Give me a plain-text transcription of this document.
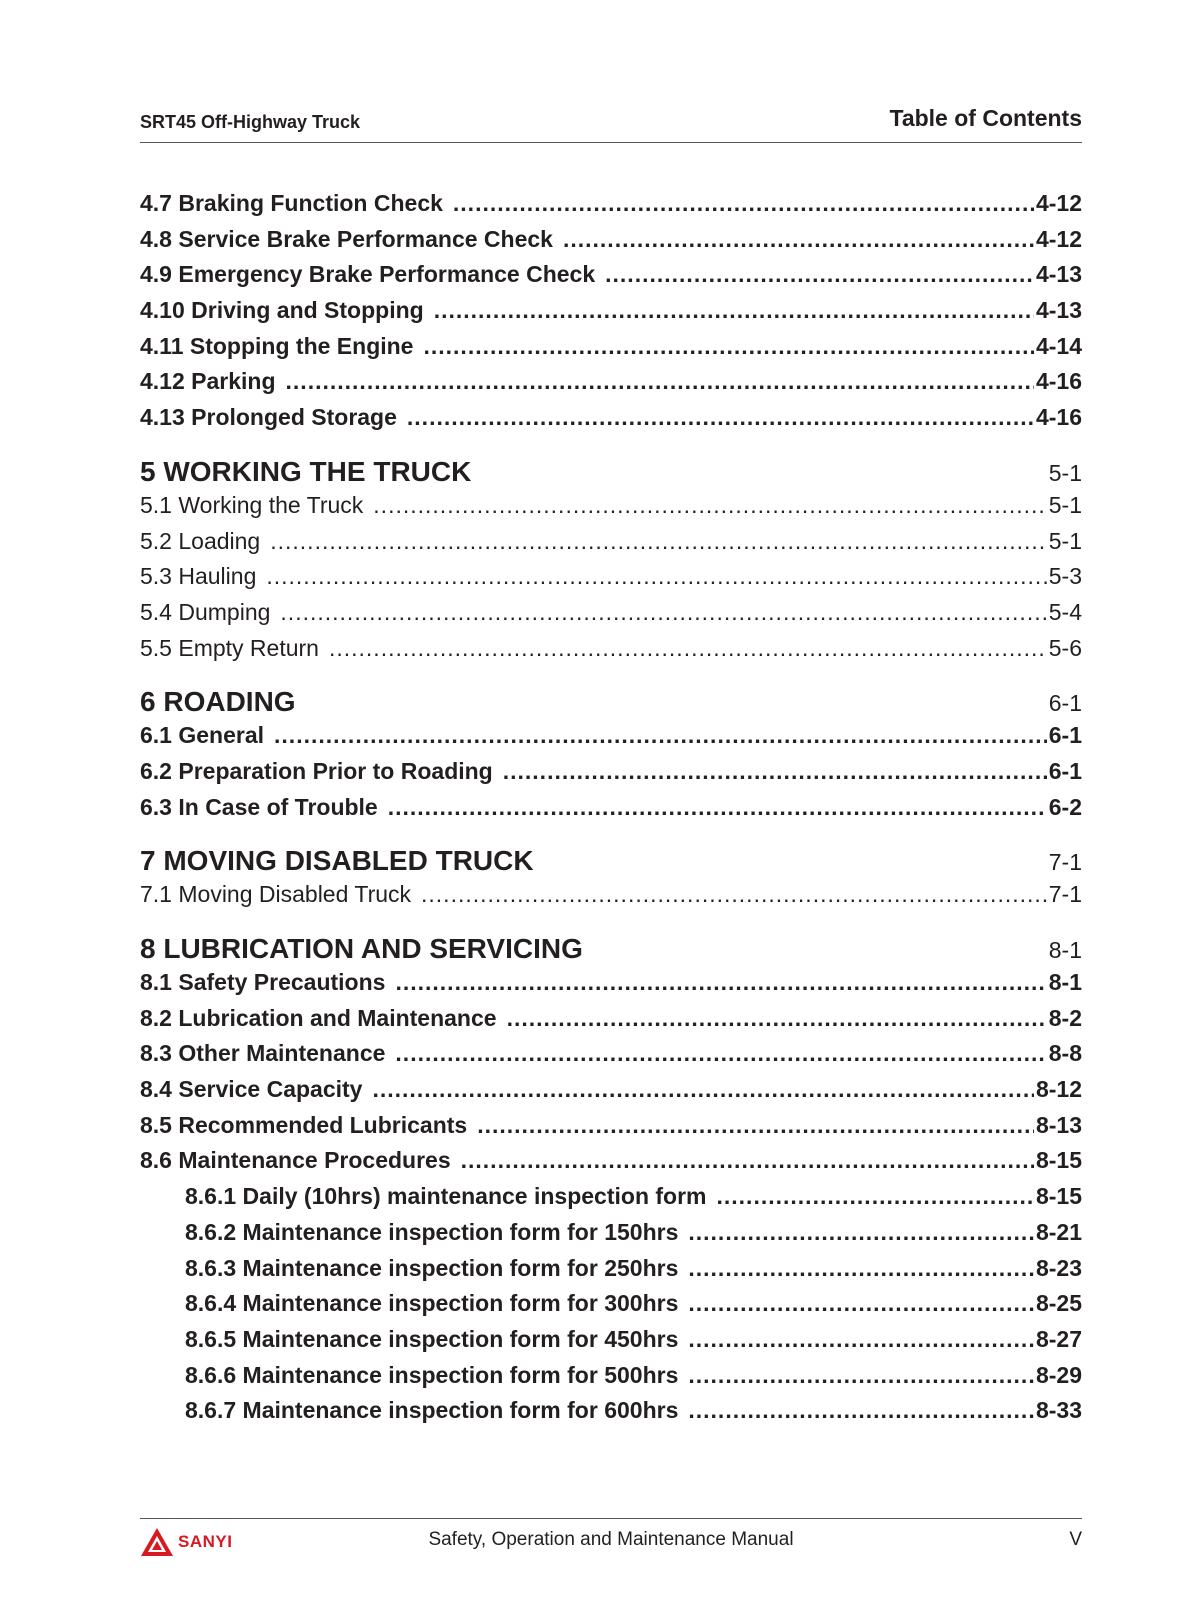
SRT45 Off-Highway Truck	Table of Contents
4.7 Braking Function Check .....	4-12
4.8 Service Brake Performance Check .....	4-12
4.9 Emergency Brake Performance Check .....	4-13
4.10 Driving and Stopping .....	4-13
4.11 Stopping the Engine .....	4-14
4.12 Parking .....	4-16
4.13 Prolonged Storage .....	4-16
5 WORKING THE TRUCK	5-1
5.1 Working the Truck .....	5-1
5.2 Loading .....	5-1
5.3 Hauling .....	5-3
5.4 Dumping .....	5-4
5.5 Empty Return .....	5-6
6 ROADING	6-1
6.1 General .....	6-1
6.2 Preparation Prior to Roading .....	6-1
6.3 In Case of Trouble .....	6-2
7 MOVING DISABLED TRUCK	7-1
7.1 Moving Disabled Truck .....	7-1
8 LUBRICATION AND SERVICING	8-1
8.1 Safety Precautions .....	8-1
8.2 Lubrication and Maintenance .....	8-2
8.3 Other Maintenance .....	8-8
8.4 Service Capacity .....	8-12
8.5 Recommended Lubricants .....	8-13
8.6 Maintenance Procedures .....	8-15
8.6.1 Daily (10hrs) maintenance inspection form .....	8-15
8.6.2 Maintenance inspection form for 150hrs .....	8-21
8.6.3 Maintenance inspection form for 250hrs .....	8-23
8.6.4 Maintenance inspection form for 300hrs .....	8-25
8.6.5 Maintenance inspection form for 450hrs .....	8-27
8.6.6 Maintenance inspection form for 500hrs .....	8-29
8.6.7 Maintenance inspection form for 600hrs .....	8-33
SANYI	Safety, Operation and Maintenance Manual	V
